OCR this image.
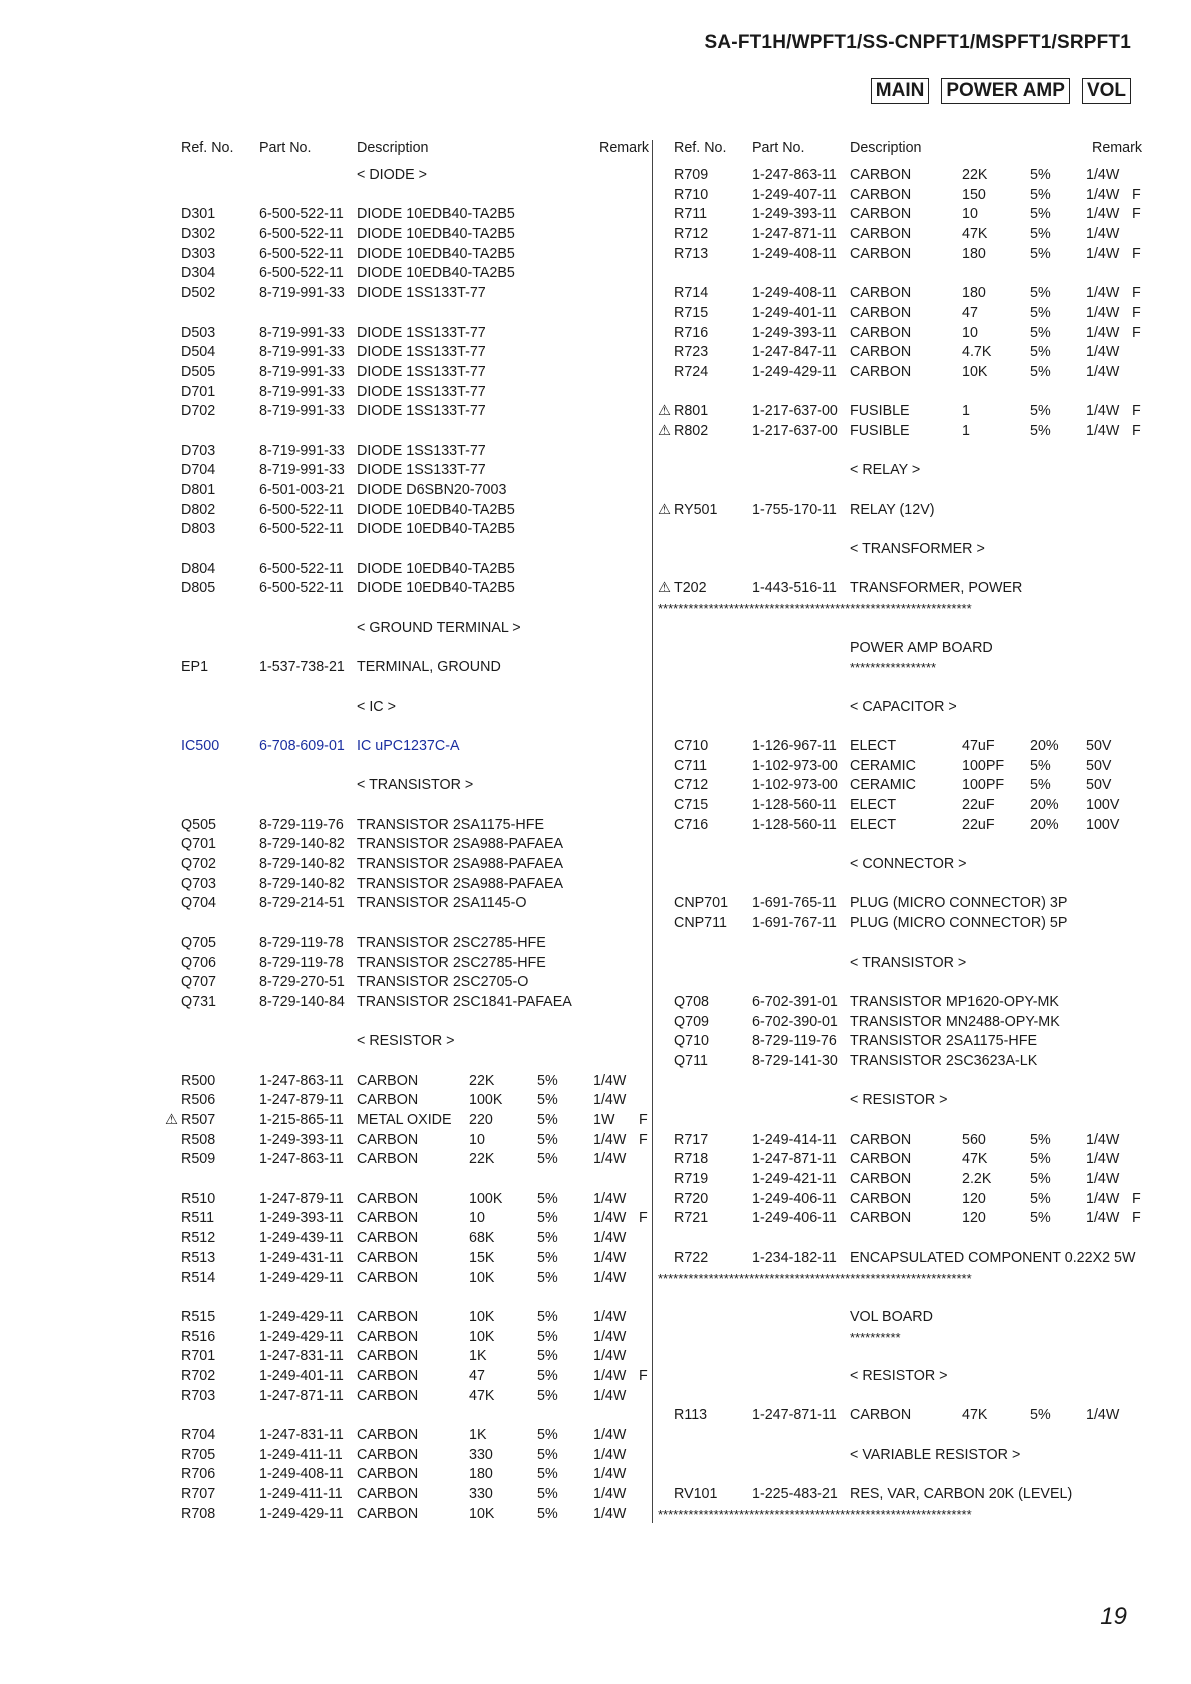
SA-FT1H/WPFT1/SS-CNPFT1/MSPFT1/SRPFT1
MAIN POWER AMP VOL
Ref. No. Part No.	Description	Remark
< DIODE >
D301	6-500-522-11 DIODE 10EDB40-TA2B5
D302	6-500-522-11 DIODE 10EDB40-TA2B5
D303	6-500-522-11 DIODE 10EDB40-TA2B5
D304	6-500-522-11 DIODE 10EDB40-TA2B5
D502	8-719-991-33 DIODE 1SS133T-77
D503	8-719-991-33 DIODE 1SS133T-77
D504	8-719-991-33 DIODE 1SS133T-77
D505	8-719-991-33 DIODE 1SS133T-77
D701	8-719-991-33 DIODE 1SS133T-77
D702	8-719-991-33 DIODE 1SS133T-77
D703	8-719-991-33 DIODE 1SS133T-77
D704	8-719-991-33 DIODE 1SS133T-77
D801	6-501-003-21 DIODE D6SBN20-7003
D802	6-500-522-11 DIODE 10EDB40-TA2B5
D803	6-500-522-11 DIODE 10EDB40-TA2B5
D804	6-500-522-11 DIODE 10EDB40-TA2B5
D805	6-500-522-11 DIODE 10EDB40-TA2B5
< GROUND TERMINAL >
EP1	1-537-738-21 TERMINAL, GROUND
< IC >
IC500	6-708-609-01 IC uPC1237C-A
< TRANSISTOR >
Q505	8-729-119-76 TRANSISTOR 2SA1175-HFE
Q701	8-729-140-82 TRANSISTOR 2SA988-PAFAEA
Q702	8-729-140-82 TRANSISTOR 2SA988-PAFAEA
Q703	8-729-140-82 TRANSISTOR 2SA988-PAFAEA
Q704	8-729-214-51 TRANSISTOR 2SA1145-O
Q705	8-729-119-78 TRANSISTOR 2SC2785-HFE
Q706	8-729-119-78 TRANSISTOR 2SC2785-HFE
Q707	8-729-270-51 TRANSISTOR 2SC2705-O
Q731	8-729-140-84 TRANSISTOR 2SC1841-PAFAEA
< RESISTOR >
R500	1-247-863-11 CARBON	22K	5% 1/4W
R506	1-247-879-11 CARBON	100K 5% 1/4W
⚠ R507	1-215-865-11 METAL OXIDE 220	5% 1W F
R508	1-249-393-11 CARBON	10	5% 1/4W F
R509	1-247-863-11 CARBON	22K	5% 1/4W
R510	1-247-879-11 CARBON	100K 5% 1/4W
R511	1-249-393-11 CARBON	10	5% 1/4W F
R512	1-249-439-11 CARBON	68K	5% 1/4W
R513	1-249-431-11 CARBON	15K	5% 1/4W
R514	1-249-429-11 CARBON	10K	5% 1/4W
R515	1-249-429-11 CARBON	10K	5% 1/4W
R516	1-249-429-11 CARBON	10K	5% 1/4W
R701	1-247-831-11 CARBON	1K	5% 1/4W
R702	1-249-401-11 CARBON	47	5% 1/4W F
R703	1-247-871-11 CARBON	47K	5% 1/4W
R704	1-247-831-11 CARBON	1K	5% 1/4W
R705	1-249-411-11 CARBON	330	5% 1/4W
R706	1-249-408-11 CARBON	180	5% 1/4W
R707	1-249-411-11 CARBON	330	5% 1/4W
R708	1-249-429-11 CARBON	10K	5% 1/4W
Ref. No. Part No.	Description	Remark
R709	1-247-863-11 CARBON	22K	5% 1/4W
R710	1-249-407-11 CARBON	150	5% 1/4W F
R711	1-249-393-11 CARBON	10	5% 1/4W F
R712	1-247-871-11 CARBON	47K	5% 1/4W
R713	1-249-408-11 CARBON	180	5% 1/4W F
R714	1-249-408-11 CARBON	180	5% 1/4W F
R715	1-249-401-11 CARBON	47	5% 1/4W F
R716	1-249-393-11 CARBON	10	5% 1/4W F
R723	1-247-847-11 CARBON	4.7K	5% 1/4W
R724	1-249-429-11 CARBON	10K	5% 1/4W
⚠ R801	1-217-637-00 FUSIBLE	1	5% 1/4W F
⚠ R802	1-217-637-00 FUSIBLE	1	5% 1/4W F
< RELAY >
⚠ RY501 1-755-170-11 RELAY (12V)
< TRANSFORMER >
⚠ T202	1-443-516-11 TRANSFORMER, POWER
**************************************************************
POWER AMP BOARD
*****************
< CAPACITOR >
C710	1-126-967-11 ELECT	47uF 20% 50V
C711	1-102-973-00 CERAMIC	100PF 5% 50V
C712	1-102-973-00 CERAMIC	100PF 5% 50V
C715	1-128-560-11 ELECT	22uF 20% 100V
C716	1-128-560-11 ELECT	22uF 20% 100V
< CONNECTOR >
CNP701 1-691-765-11 PLUG (MICRO CONNECTOR) 3P
CNP711 1-691-767-11 PLUG (MICRO CONNECTOR) 5P
< TRANSISTOR >
Q708	6-702-391-01 TRANSISTOR MP1620-OPY-MK
Q709	6-702-390-01 TRANSISTOR MN2488-OPY-MK
Q710	8-729-119-76 TRANSISTOR 2SA1175-HFE
Q711	8-729-141-30 TRANSISTOR 2SC3623A-LK
< RESISTOR >
R717	1-249-414-11 CARBON	560	5% 1/4W
R718	1-247-871-11 CARBON	47K	5% 1/4W
R719	1-249-421-11 CARBON	2.2K	5% 1/4W
R720	1-249-406-11 CARBON	120	5% 1/4W F
R721	1-249-406-11 CARBON	120	5% 1/4W F
R722	1-234-182-11 ENCAPSULATED COMPONENT 0.22X2 5W
**************************************************************
VOL BOARD
**********
< RESISTOR >
R113	1-247-871-11 CARBON	47K	5% 1/4W
< VARIABLE RESISTOR >
RV101 1-225-483-21 RES, VAR, CARBON 20K (LEVEL)
**************************************************************
19
